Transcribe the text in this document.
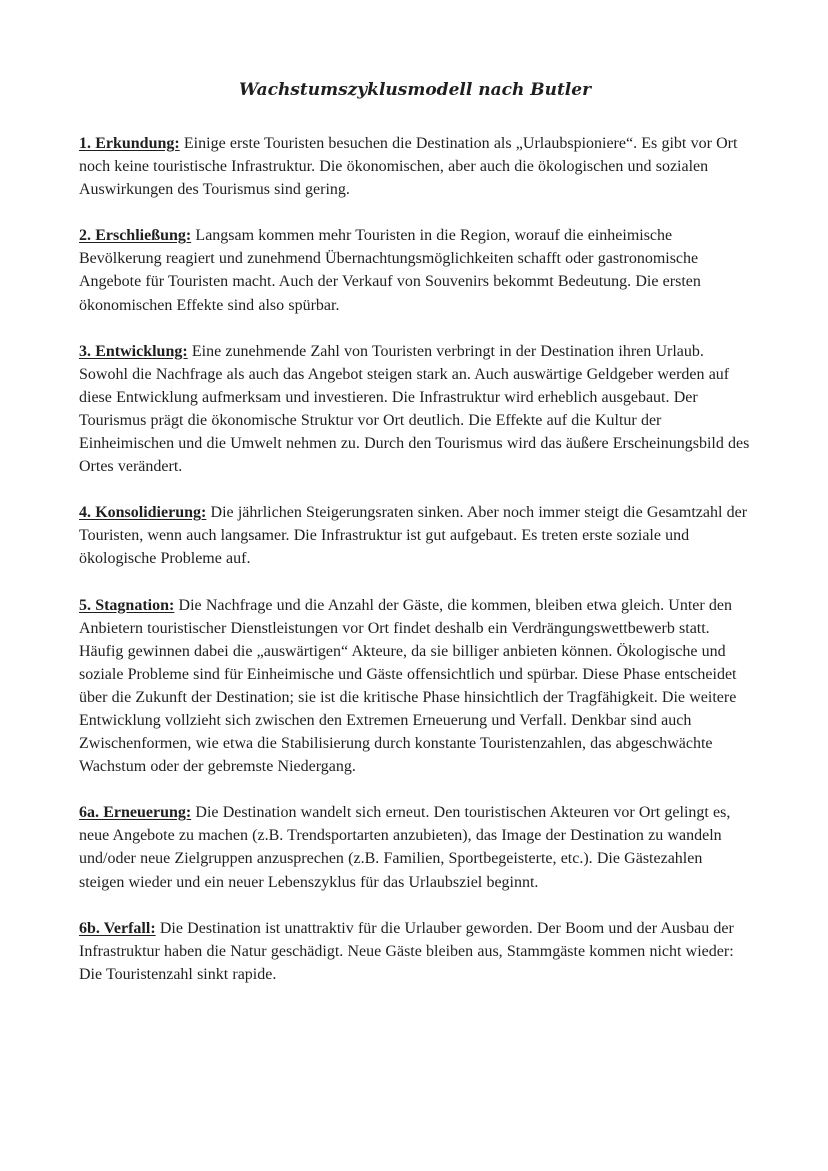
Wachstumszyklusmodell nach Butler

1. Erkundung: Einige erste Touristen besuchen die Destination als „Urlaubspioniere“. Es gibt vor Ort noch keine touristische Infrastruktur. Die ökonomischen, aber auch die ökologischen und sozialen Auswirkungen des Tourismus sind gering.

2. Erschließung: Langsam kommen mehr Touristen in die Region, worauf die einheimische Bevölkerung reagiert und zunehmend Übernachtungsmöglichkeiten schafft oder gastronomische Angebote für Touristen macht. Auch der Verkauf von Souvenirs bekommt Bedeutung. Die ersten ökonomischen Effekte sind also spürbar.

3. Entwicklung: Eine zunehmende Zahl von Touristen verbringt in der Destination ihren Urlaub. Sowohl die Nachfrage als auch das Angebot steigen stark an. Auch auswärtige Geldgeber werden auf diese Entwicklung aufmerksam und investieren. Die Infrastruktur wird erheblich ausgebaut. Der Tourismus prägt die ökonomische Struktur vor Ort deutlich. Die Effekte auf die Kultur der Einheimischen und die Umwelt nehmen zu. Durch den Tourismus wird das äußere Erscheinungsbild des Ortes verändert.

4. Konsolidierung: Die jährlichen Steigerungsraten sinken. Aber noch immer steigt die Gesamtzahl der Touristen, wenn auch langsamer. Die Infrastruktur ist gut aufgebaut. Es treten erste soziale und ökologische Probleme auf.

5. Stagnation: Die Nachfrage und die Anzahl der Gäste, die kommen, bleiben etwa gleich. Unter den Anbietern touristischer Dienstleistungen vor Ort findet deshalb ein Verdrängungswettbewerb statt. Häufig gewinnen dabei die „auswärtigen“ Akteure, da sie billiger anbieten können. Ökologische und soziale Probleme sind für Einheimische und Gäste offensichtlich und spürbar. Diese Phase entscheidet über die Zukunft der Destination; sie ist die kritische Phase hinsichtlich der Tragfähigkeit. Die weitere Entwicklung vollzieht sich zwischen den Extremen Erneuerung und Verfall. Denkbar sind auch Zwischenformen, wie etwa die Stabilisierung durch konstante Touristenzahlen, das abgeschwächte Wachstum oder der gebremste Niedergang.

6a. Erneuerung: Die Destination wandelt sich erneut. Den touristischen Akteuren vor Ort gelingt es, neue Angebote zu machen (z.B. Trendsportarten anzubieten), das Image der Destination zu wandeln und/oder neue Zielgruppen anzusprechen (z.B. Familien, Sportbegeisterte, etc.). Die Gästezahlen steigen wieder und ein neuer Lebenszyklus für das Urlaubsziel beginnt.

6b. Verfall: Die Destination ist unattraktiv für die Urlauber geworden. Der Boom und der Ausbau der Infrastruktur haben die Natur geschädigt. Neue Gäste bleiben aus, Stammgäste kommen nicht wieder: Die Touristenzahl sinkt rapide.
